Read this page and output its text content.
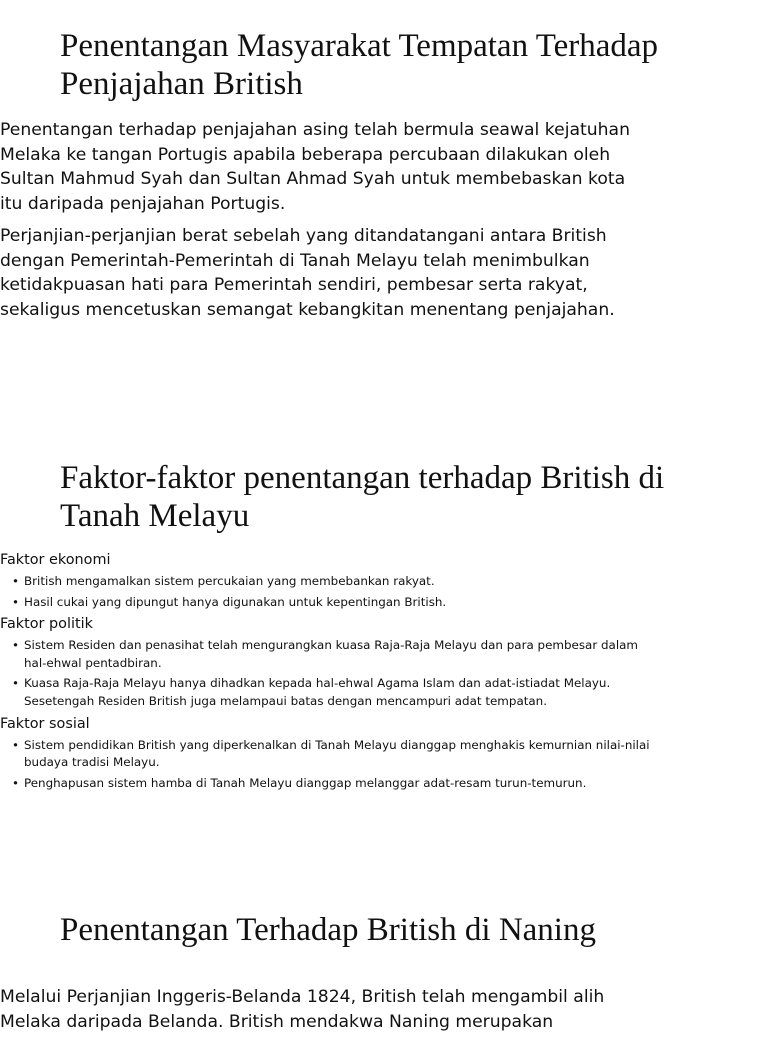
Penentangan Masyarakat Tempatan Terhadap Penjajahan British
• Penentangan terhadap penjajahan asing telah bermula seawal kejatuhan Melaka ke tangan Portugis apabila beberapa percubaan dilakukan oleh Sultan Mahmud Syah dan Sultan Ahmad Syah untuk membebaskan kota itu daripada penjajahan Portugis.
• Perjanjian-perjanjian berat sebelah yang ditandatangani antara British dengan Pemerintah-Pemerintah di Tanah Melayu telah menimbulkan ketidakpuasan hati para Pemerintah sendiri, pembesar serta rakyat, sekaligus mencetuskan semangat kebangkitan menentang penjajahan.
Faktor-faktor penentangan terhadap British di Tanah Melayu
• Faktor ekonomi
• British mengamalkan sistem percukaian yang membebankan rakyat.
• Hasil cukai yang dipungut hanya digunakan untuk kepentingan British.
• Faktor politik
• Sistem Residen dan penasihat telah mengurangkan kuasa Raja-Raja Melayu dan para pembesar dalam hal-ehwal pentadbiran.
• Kuasa Raja-Raja Melayu hanya dihadkan kepada hal-ehwal Agama Islam dan adat-istiadat Melayu. Sesetengah Residen British juga melampaui batas dengan mencampuri adat tempatan.
• Faktor sosial
• Sistem pendidikan British yang diperkenalkan di Tanah Melayu dianggap menghakis kemurnian nilai-nilai budaya tradisi Melayu.
• Penghapusan sistem hamba di Tanah Melayu dianggap melanggar adat-resam turun-temurun.
Penentangan Terhadap British di Naning
• Melalui Perjanjian Inggeris-Belanda 1824, British telah mengambil alih Melaka daripada Belanda. British mendakwa Naning merupakan
